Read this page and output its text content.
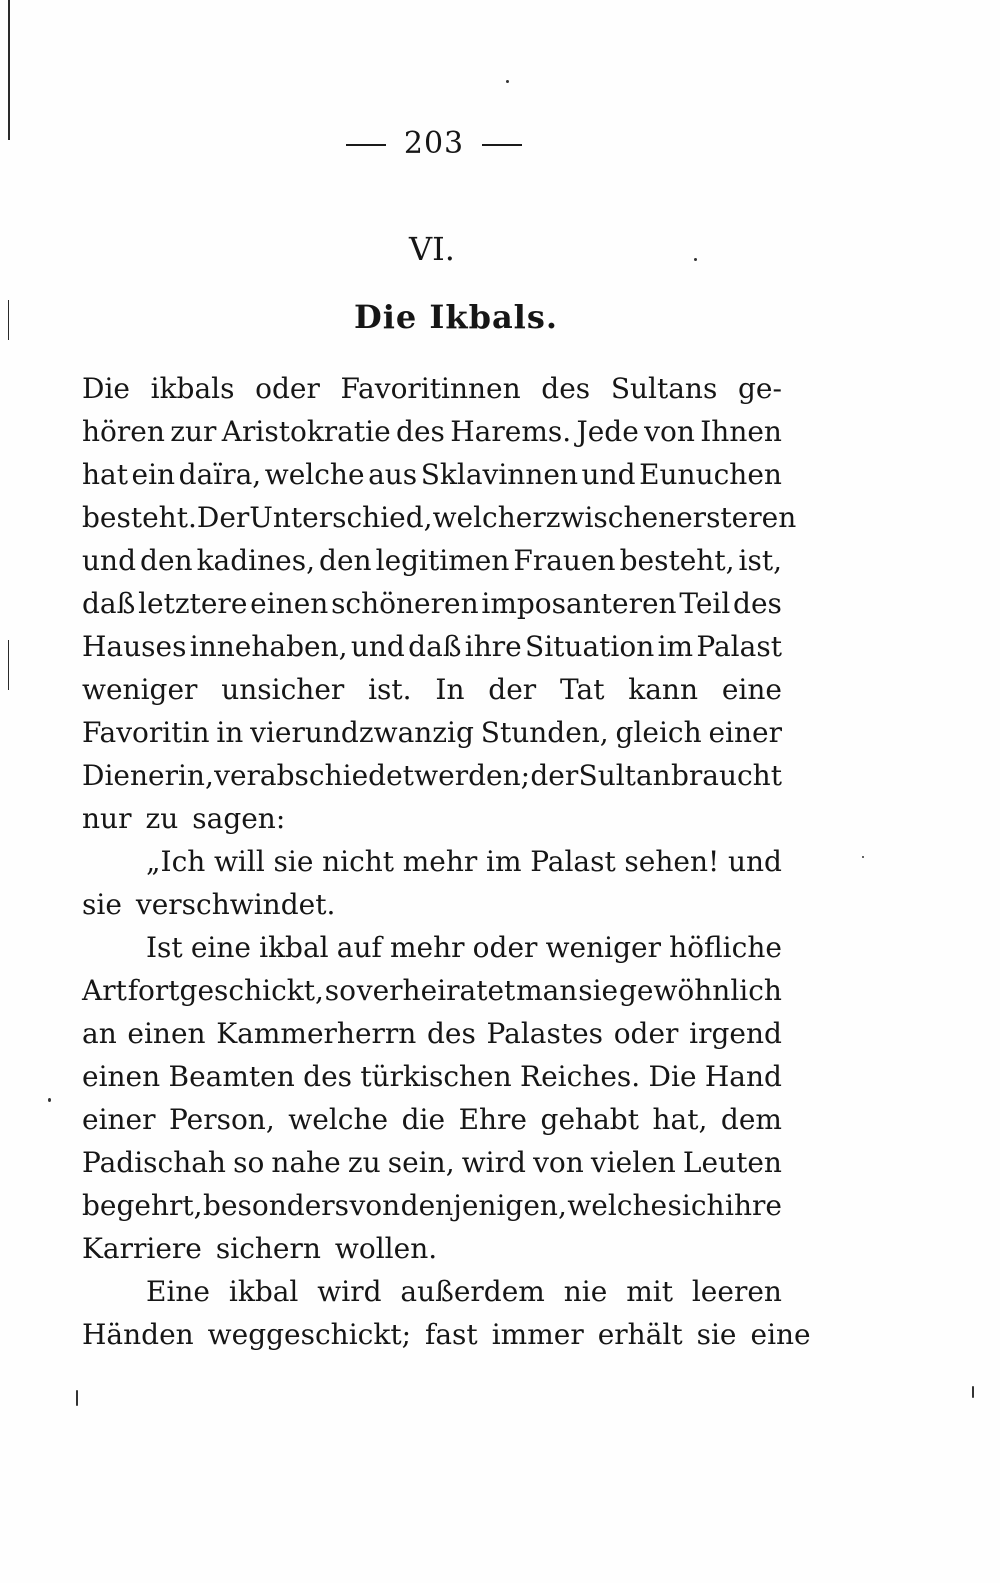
203
VI.
Die Ikbals.
Die ikbals oder Favoritinnen des Sultans ge-
hören zur Aristokratie des Harems. Jede von Ihnen
hat ein daïra, welche aus Sklavinnen und Eunuchen
besteht. Der Unterschied, welcher zwischen ersteren
und den kadines, den legitimen Frauen besteht, ist,
daß letztere einen schöneren imposanteren Teil des
Hauses innehaben, und daß ihre Situation im Palast
weniger unsicher ist. In der Tat kann eine
Favoritin in vierundzwanzig Stunden, gleich einer
Dienerin, verabschiedet werden; der Sultan braucht
nur zu sagen:
„Ich will sie nicht mehr im Palast sehen! und
sie verschwindet.
Ist eine ikbal auf mehr oder weniger höfliche
Art fortgeschickt, so verheiratet man sie gewöhnlich
an einen Kammerherrn des Palastes oder irgend
einen Beamten des türkischen Reiches. Die Hand
einer Person, welche die Ehre gehabt hat, dem
Padischah so nahe zu sein, wird von vielen Leuten
begehrt, besonders von denjenigen, welche sich ihre
Karriere sichern wollen.
Eine ikbal wird außerdem nie mit leeren
Händen weggeschickt; fast immer erhält sie eine
